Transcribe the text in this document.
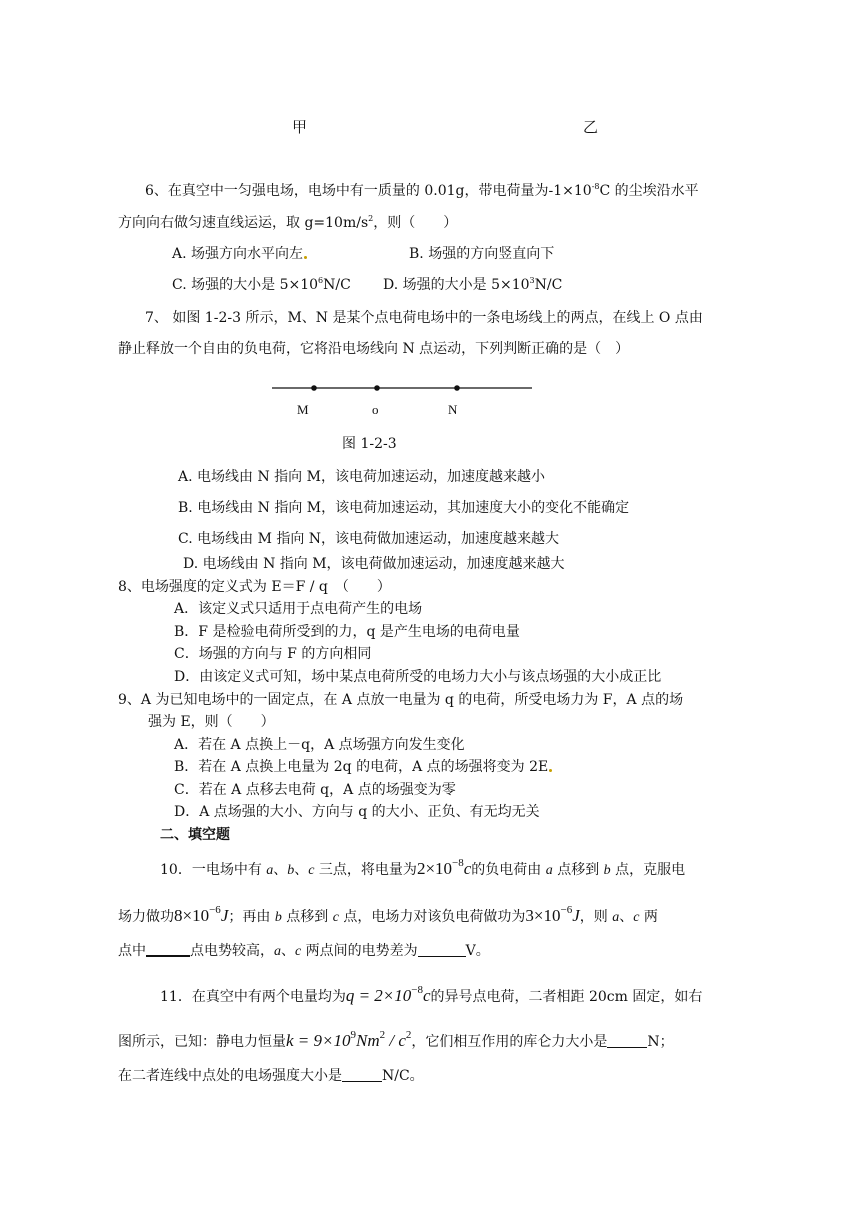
甲	乙
6、在真空中一匀强电场，电场中有一质量的 0.01g，带电荷量为$-1\times 10^{-8}C$ 的尘埃沿水平
方向向右做匀速直线运运，取 $g=10m/s^2$，则（　　）
A. 场强方向水平向左	B. 场强的方向竖直向下
C. 场强的大小是 $5\times 10^6N/C$ D. 场强的大小是 $5\times 10^3N/C$
7、 如图 1-2-3 所示，M、N 是某个点电荷电场中的一条电场线上的两点，在线上 O 点由
静止释放一个自由的负电荷，它将沿电场线向 N 点运动，下列判断正确的是（　）
M	o	N
图 1-2-3
A. 电场线由 N 指向 M，该电荷加速运动，加速度越来越小
B. 电场线由 N 指向 M，该电荷加速运动，其加速度大小的变化不能确定
C. 电场线由 M 指向 N，该电荷做加速运动，加速度越来越大
D. 电场线由 N 指向 M，该电荷做加速运动，加速度越来越大
8、电场强度的定义式为 E＝F / q　（　　）
A．该定义式只适用于点电荷产生的电场
B．F 是检验电荷所受到的力，q 是产生电场的电荷电量
C．场强的方向与 F 的方向相同
D．由该定义式可知，场中某点电荷所受的电场力大小与该点场强的大小成正比
9、A 为已知电场中的一固定点，在 A 点放一电量为 q 的电荷，所受电场力为 F，A 点的场
强为 E，则（　　）
A．若在 A 点换上－q，A 点场强方向发生变化
B．若在 A 点换上电量为 2q 的电荷，A 点的场强将变为 2E
C．若在 A 点移去电荷 q，A 点的场强变为零
D．A 点场强的大小、方向与 q 的大小、正负、有无均无关
二、填空题
10．一电场中有 a、b、c 三点，将电量为$2\times 10^{-8}c$的负电荷由 a 点移到 b 点，克服电
场力做功$8\times 10^{-6}J$；再由 b 点移到 c 点，电场力对该负电荷做功为$3\times 10^{-6}J$，则 a、c 两
点中	点电势较高，a、c 两点间的电势差为	V。
11．在真空中有两个电量均为$q = 2\times 10^{-8}c$的异号点电荷，二者相距 20cm 固定，如右
图所示，已知：静电力恒量$k = 9\times 10^9Nm^2 / c^2$，它们相互作用的库仑力大小是	N；
在二者连线中点处的电场强度大小是	N/C。
